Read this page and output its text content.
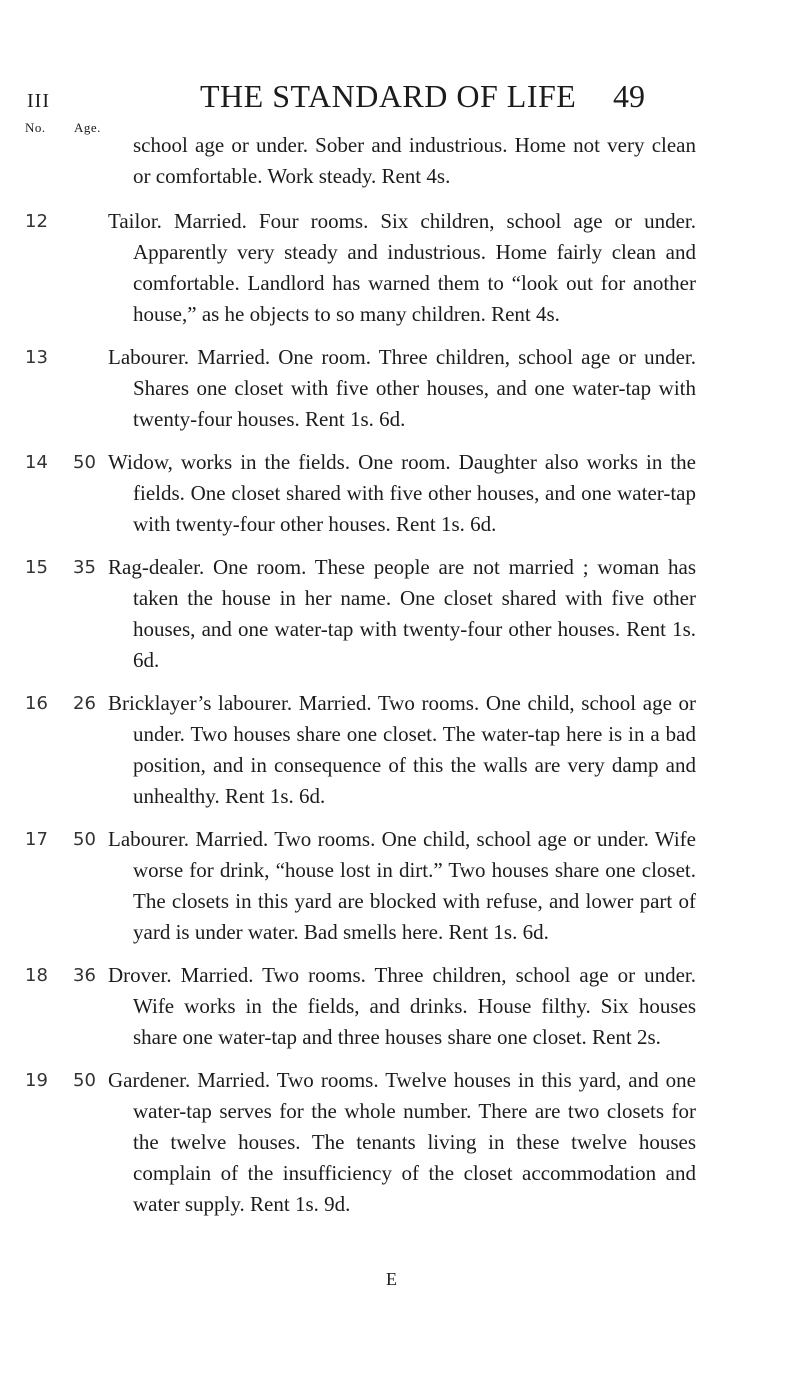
III	THE STANDARD OF LIFE 49
No. Age.
school age or under. Sober and industrious. Home not very clean or comfortable. Work steady. Rent 4s.
12	Tailor. Married. Four rooms. Six children, school age or under. Apparently very steady and industrious. Home fairly clean and comfortable. Landlord has warned them to “look out for another house,” as he objects to so many children. Rent 4s.
13	Labourer. Married. One room. Three children, school age or under. Shares one closet with five other houses, and one water-tap with twenty-four houses. Rent 1s. 6d.
14 50 Widow, works in the fields. One room. Daughter also works in the fields. One closet shared with five other houses, and one water-tap with twenty-four other houses. Rent 1s. 6d.
15 35 Rag-dealer. One room. These people are not married ; woman has taken the house in her name. One closet shared with five other houses, and one water-tap with twenty-four other houses. Rent 1s. 6d.
16 26 Bricklayer’s labourer. Married. Two rooms. One child, school age or under. Two houses share one closet. The water-tap here is in a bad position, and in consequence of this the walls are very damp and unhealthy. Rent 1s. 6d.
17 50 Labourer. Married. Two rooms. One child, school age or under. Wife worse for drink, “house lost in dirt.” Two houses share one closet. The closets in this yard are blocked with refuse, and lower part of yard is under water. Bad smells here. Rent 1s. 6d.
18 36 Drover. Married. Two rooms. Three children, school age or under. Wife works in the fields, and drinks. House filthy. Six houses share one water-tap and three houses share one closet. Rent 2s.
19 50 Gardener. Married. Two rooms. Twelve houses in this yard, and one water-tap serves for the whole number. There are two closets for the twelve houses. The tenants living in these twelve houses complain of the insufficiency of the closet accommodation and water supply. Rent 1s. 9d.
E
